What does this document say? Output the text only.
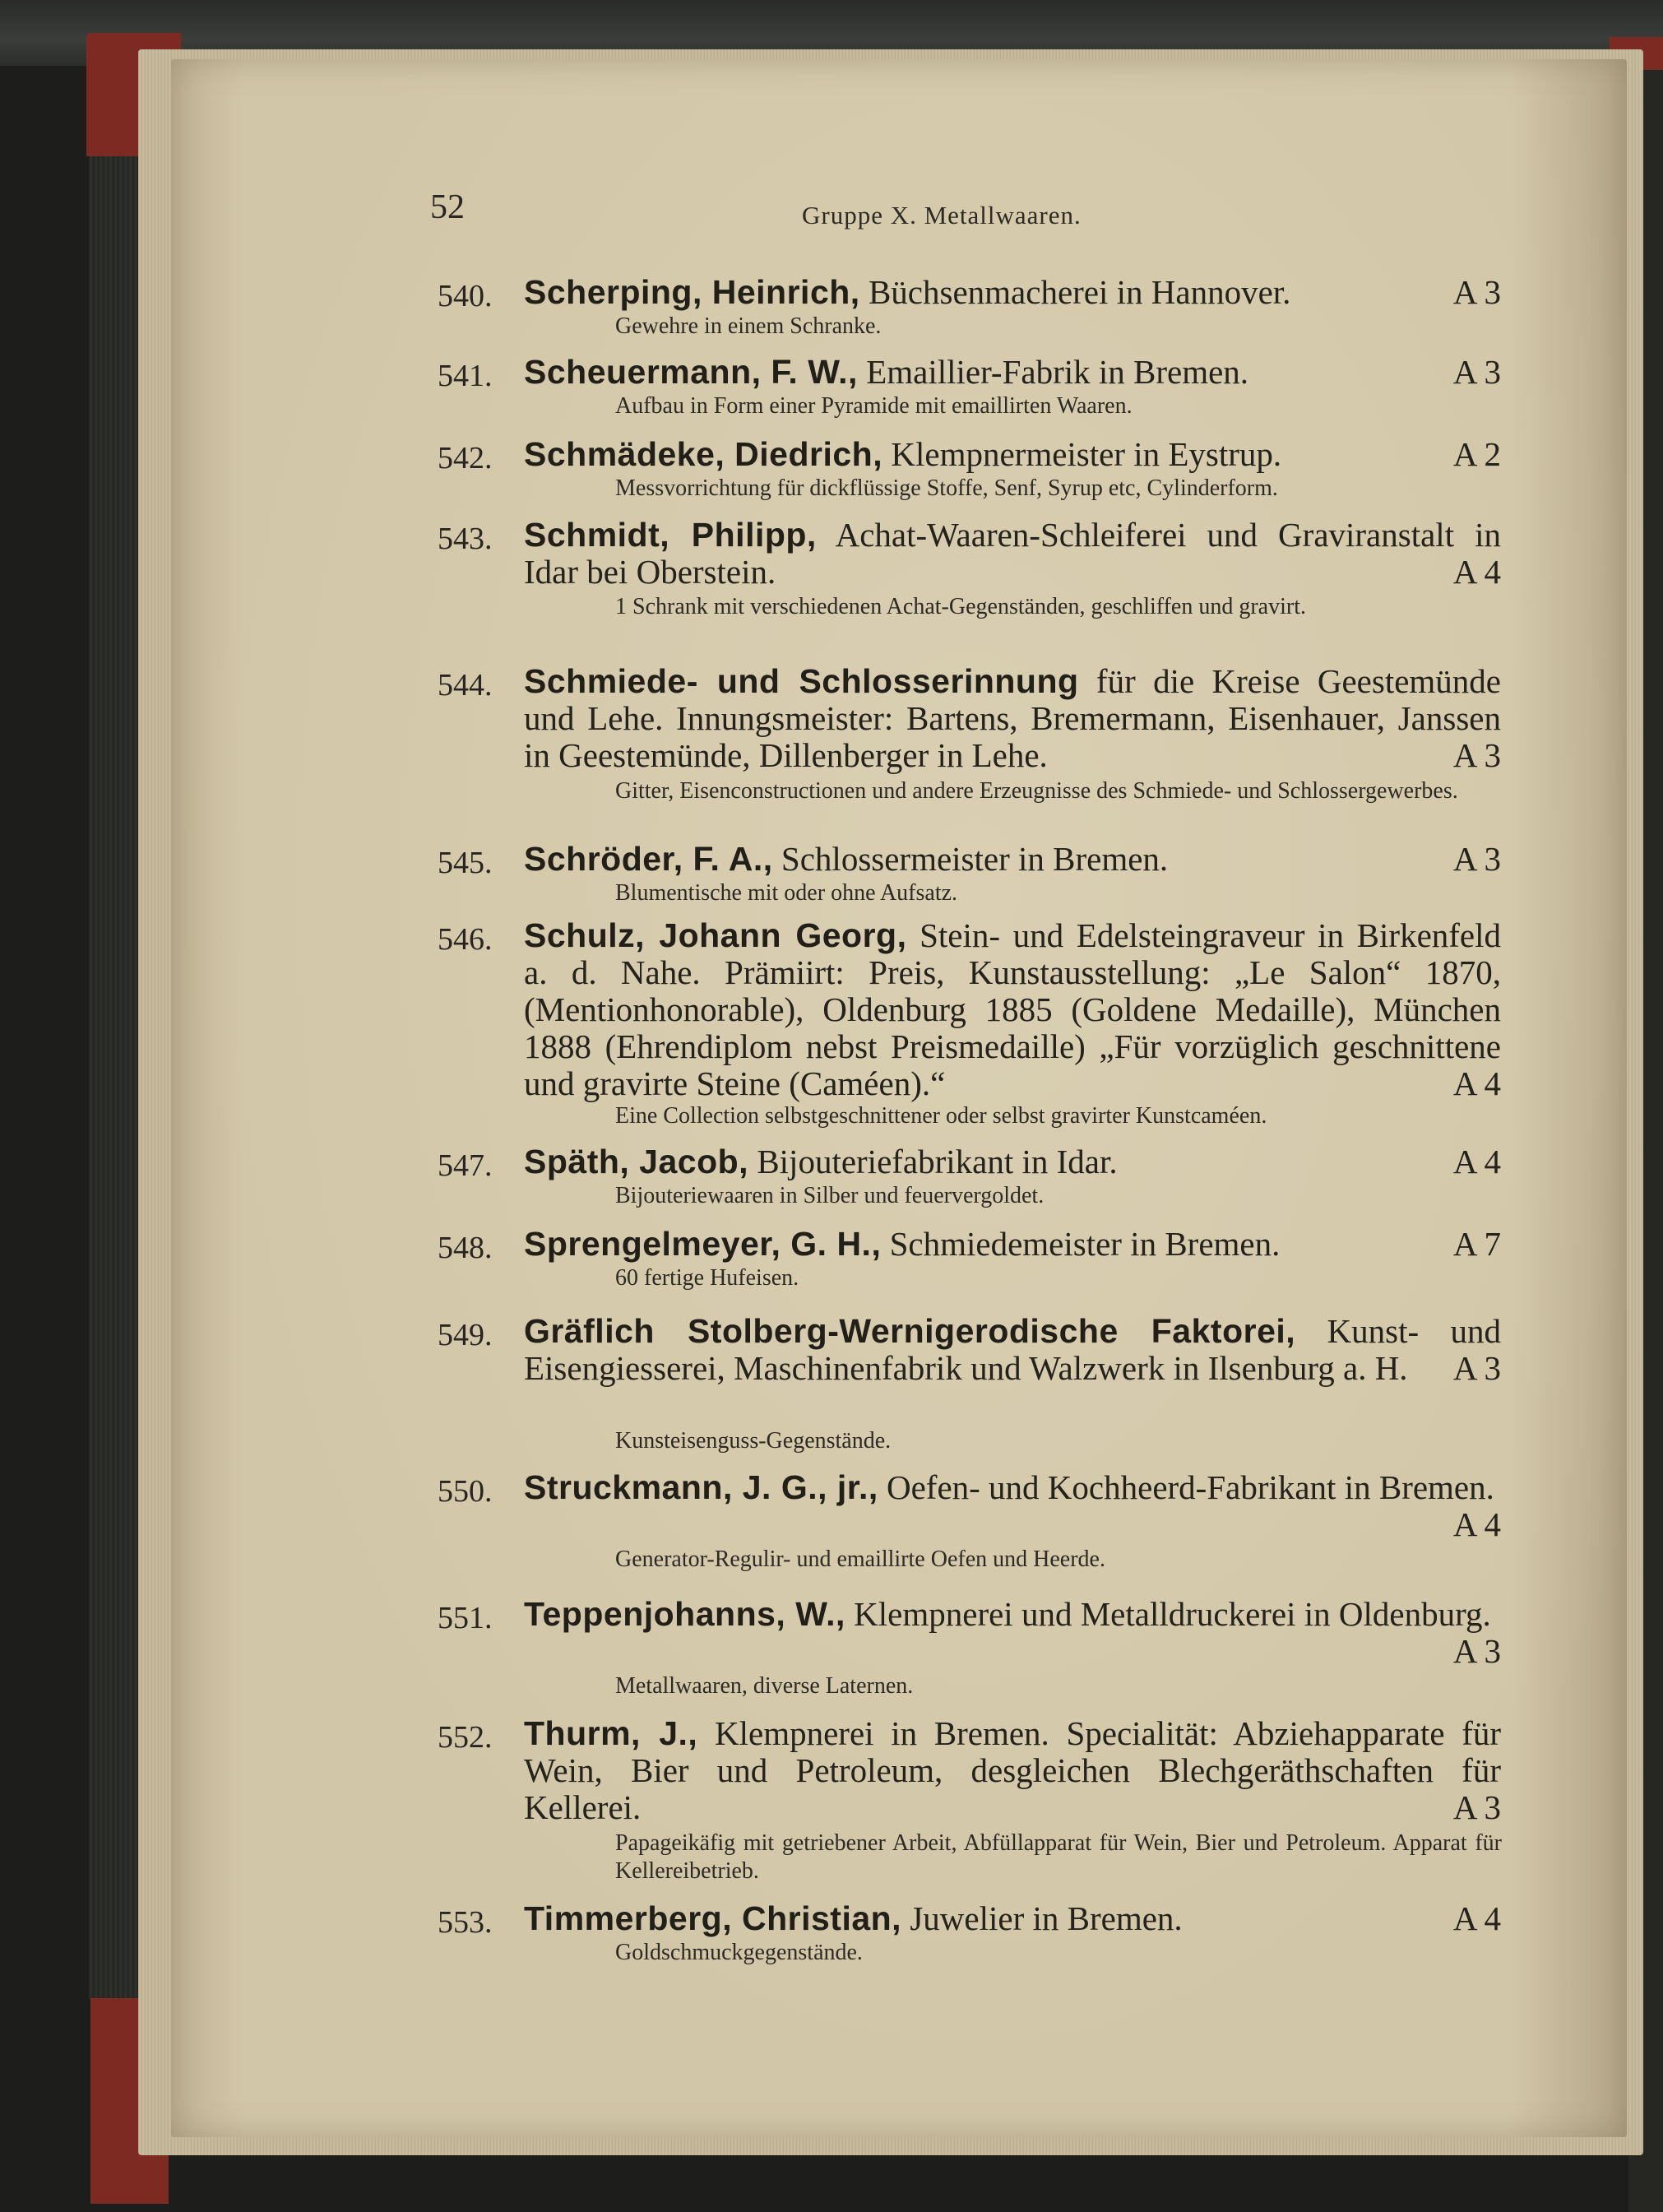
52	Gruppe X. Metallwaaren.
540. Scherping, Heinrich, Büchsenmacherei in Hannover.	A 3
Gewehre in einem Schranke.
541. Scheuermann, F. W., Emaillier-Fabrik in Bremen.	A 3
Aufbau in Form einer Pyramide mit emaillirten Waaren.
542. Schmädeke, Diedrich, Klempnermeister in Eystrup.	A 2
Messvorrichtung für dickflüssige Stoffe, Senf, Syrup etc, Cylinderform.
543. Schmidt, Philipp, Achat-Waaren-Schleiferei und Graviranstalt in Idar bei Oberstein.	A 4
1 Schrank mit verschiedenen Achat-Gegenständen, geschliffen und gravirt.
544. Schmiede- und Schlosserinnung für die Kreise Geestemünde und Lehe. Innungsmeister: Bartens, Bremermann, Eisenhauer, Janssen in Geestemünde, Dillenberger in Lehe.	A 3
Gitter, Eisenconstructionen und andere Erzeugnisse des Schmiede- und Schlossergewerbes.
545. Schröder, F. A., Schlossermeister in Bremen.	A 3
Blumentische mit oder ohne Aufsatz.
546. Schulz, Johann Georg, Stein- und Edelsteingraveur in Birkenfeld a. d. Nahe. Prämiirt: Preis, Kunstausstellung: „Le Salon“ 1870, (Mentionhonorable), Oldenburg 1885 (Goldene Medaille), München 1888 (Ehrendiplom nebst Preismedaille) „Für vorzüglich geschnittene und gravirte Steine (Caméen).“	A 4
Eine Collection selbstgeschnittener oder selbst gravirter Kunstcaméen.
547. Späth, Jacob, Bijouteriefabrikant in Idar.	A 4
Bijouteriewaaren in Silber und feuervergoldet.
548. Sprengelmeyer, G. H., Schmiedemeister in Bremen.	A 7
60 fertige Hufeisen.
549. Gräflich Stolberg-Wernigerodische Faktorei, Kunst- und Eisengiesserei, Maschinenfabrik und Walzwerk in Ilsenburg a. H. A 3
Kunsteisenguss-Gegenstände.
550. Struckmann, J. G., jr., Oefen- und Kochheerd-Fabrikant in Bremen.
A 4
Generator-Regulir- und emaillirte Oefen und Heerde.
551. Teppenjohanns, W., Klempnerei und Metalldruckerei in Oldenburg.
A 3
Metallwaaren, diverse Laternen.
552. Thurm, J., Klempnerei in Bremen. Specialität: Abziehapparate für Wein, Bier und Petroleum, desgleichen Blechgeräthschaften für Kellerei.	A 3
Papageikäfig mit getriebener Arbeit, Abfüllapparat für Wein, Bier und Petroleum. Apparat für Kellereibetrieb.
553. Timmerberg, Christian, Juwelier in Bremen.	A 4
Goldschmuckgegenstände.
